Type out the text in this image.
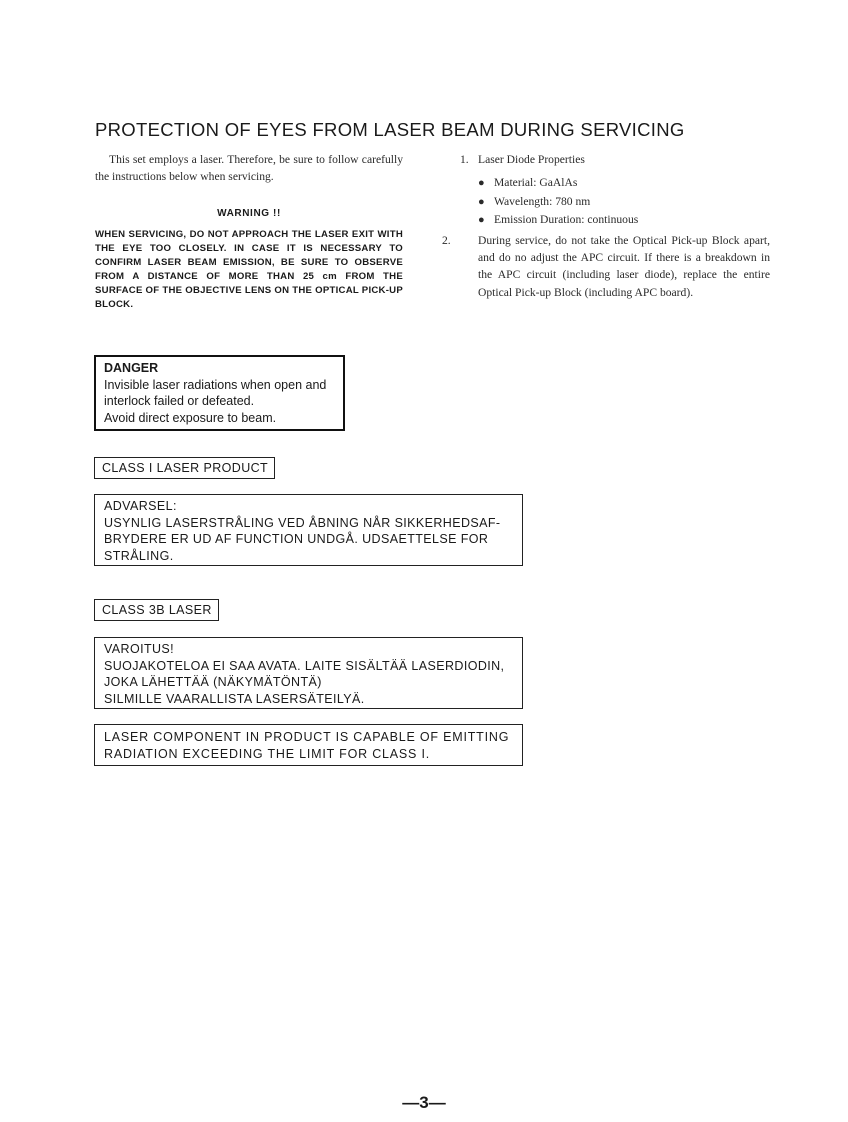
PROTECTION OF EYES FROM LASER BEAM DURING SERVICING
This set employs a laser. Therefore, be sure to follow carefully the instructions below when servicing.
WARNING !!
WHEN SERVICING, DO NOT APPROACH THE LASER EXIT WITH THE EYE TOO CLOSELY. IN CASE IT IS NECESSARY TO CONFIRM LASER BEAM EMISSION, BE SURE TO OBSERVE FROM A DISTANCE OF MORE THAN 25 cm FROM THE SURFACE OF THE OBJECTIVE LENS ON THE OPTICAL PICK-UP BLOCK.
1. Laser Diode Properties
● Material: GaAlAs
● Wavelength: 780 nm
● Emission Duration: continuous
2. During service, do not take the Optical Pick-up Block apart, and do no adjust the APC circuit. If there is a breakdown in the APC circuit (including laser diode), replace the entire Optical Pick-up Block (including APC board).
DANGER
Invisible laser radiations when open and
interlock failed or defeated.
Avoid direct exposure to beam.
CLASS I LASER PRODUCT
ADVARSEL:
USYNLIG LASERSTRÅLING VED ÅBNING NÅR SIKKERHEDSAF-
BRYDERE ER UD AF FUNCTION UNDGÅ. UDSAETTELSE FOR
STRÅLING.
CLASS 3B LASER
VAROITUS!
SUOJAKOTELOA EI SAA AVATA. LAITE SISÄLTÄÄ LASERDIODIN,
JOKA LÄHETTÄÄ (NÄKYMÄTÖNTÄ)
SILMILLE VAARALLISTA LASERSÄTEILYÄ.
LASER COMPONENT IN PRODUCT IS CAPABLE OF EMITTING
RADIATION EXCEEDING THE LIMIT FOR CLASS I.
—3—
